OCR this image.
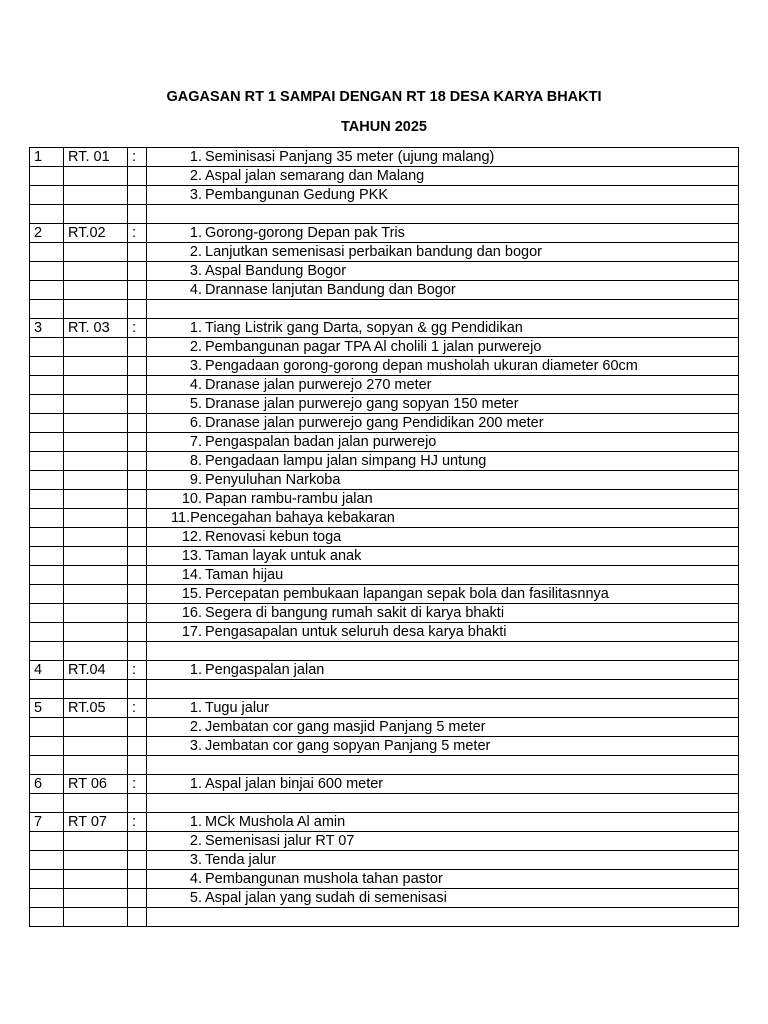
GAGASAN RT 1 SAMPAI DENGAN RT 18 DESA KARYA BHAKTI
TAHUN 2025
1	RT. 01	:	1. Seminisasi Panjang 35 meter (ujung malang)
			2. Aspal jalan semarang dan Malang
			3. Pembangunan Gedung PKK

2	RT.02	:	1. Gorong-gorong Depan pak Tris
			2. Lanjutkan semenisasi perbaikan bandung dan bogor
			3. Aspal Bandung Bogor
			4. Drannase lanjutan Bandung dan Bogor

3	RT. 03	:	1. Tiang Listrik gang Darta, sopyan & gg Pendidikan
			2. Pembangunan pagar TPA Al cholili 1 jalan purwerejo
			3. Pengadaan gorong-gorong depan musholah ukuran diameter 60cm
			4. Dranase jalan purwerejo 270 meter
			5. Dranase jalan purwerejo gang sopyan 150 meter
			6. Dranase jalan purwerejo gang Pendidikan 200 meter
			7. Pengaspalan badan jalan purwerejo
			8. Pengadaan lampu jalan simpang HJ untung
			9. Penyuluhan Narkoba
			10. Papan rambu-rambu jalan
			11.Pencegahan bahaya kebakaran
			12. Renovasi kebun toga
			13. Taman layak untuk anak
			14. Taman hijau
			15. Percepatan pembukaan lapangan sepak bola dan fasilitasnnya
			16. Segera di bangung rumah sakit di karya bhakti
			17. Pengasapalan untuk seluruh desa karya bhakti

4	RT.04	:	1. Pengaspalan jalan

5	RT.05	:	1. Tugu jalur
			2. Jembatan cor gang masjid Panjang 5 meter
			3. Jembatan cor gang sopyan Panjang 5 meter

6	RT 06	:	1. Aspal jalan binjai 600 meter

7	RT 07	:	1. MCk Mushola Al amin
			2. Semenisasi jalur RT 07
			3. Tenda jalur
			4. Pembangunan mushola tahan pastor
			5. Aspal jalan yang sudah di semenisasi
